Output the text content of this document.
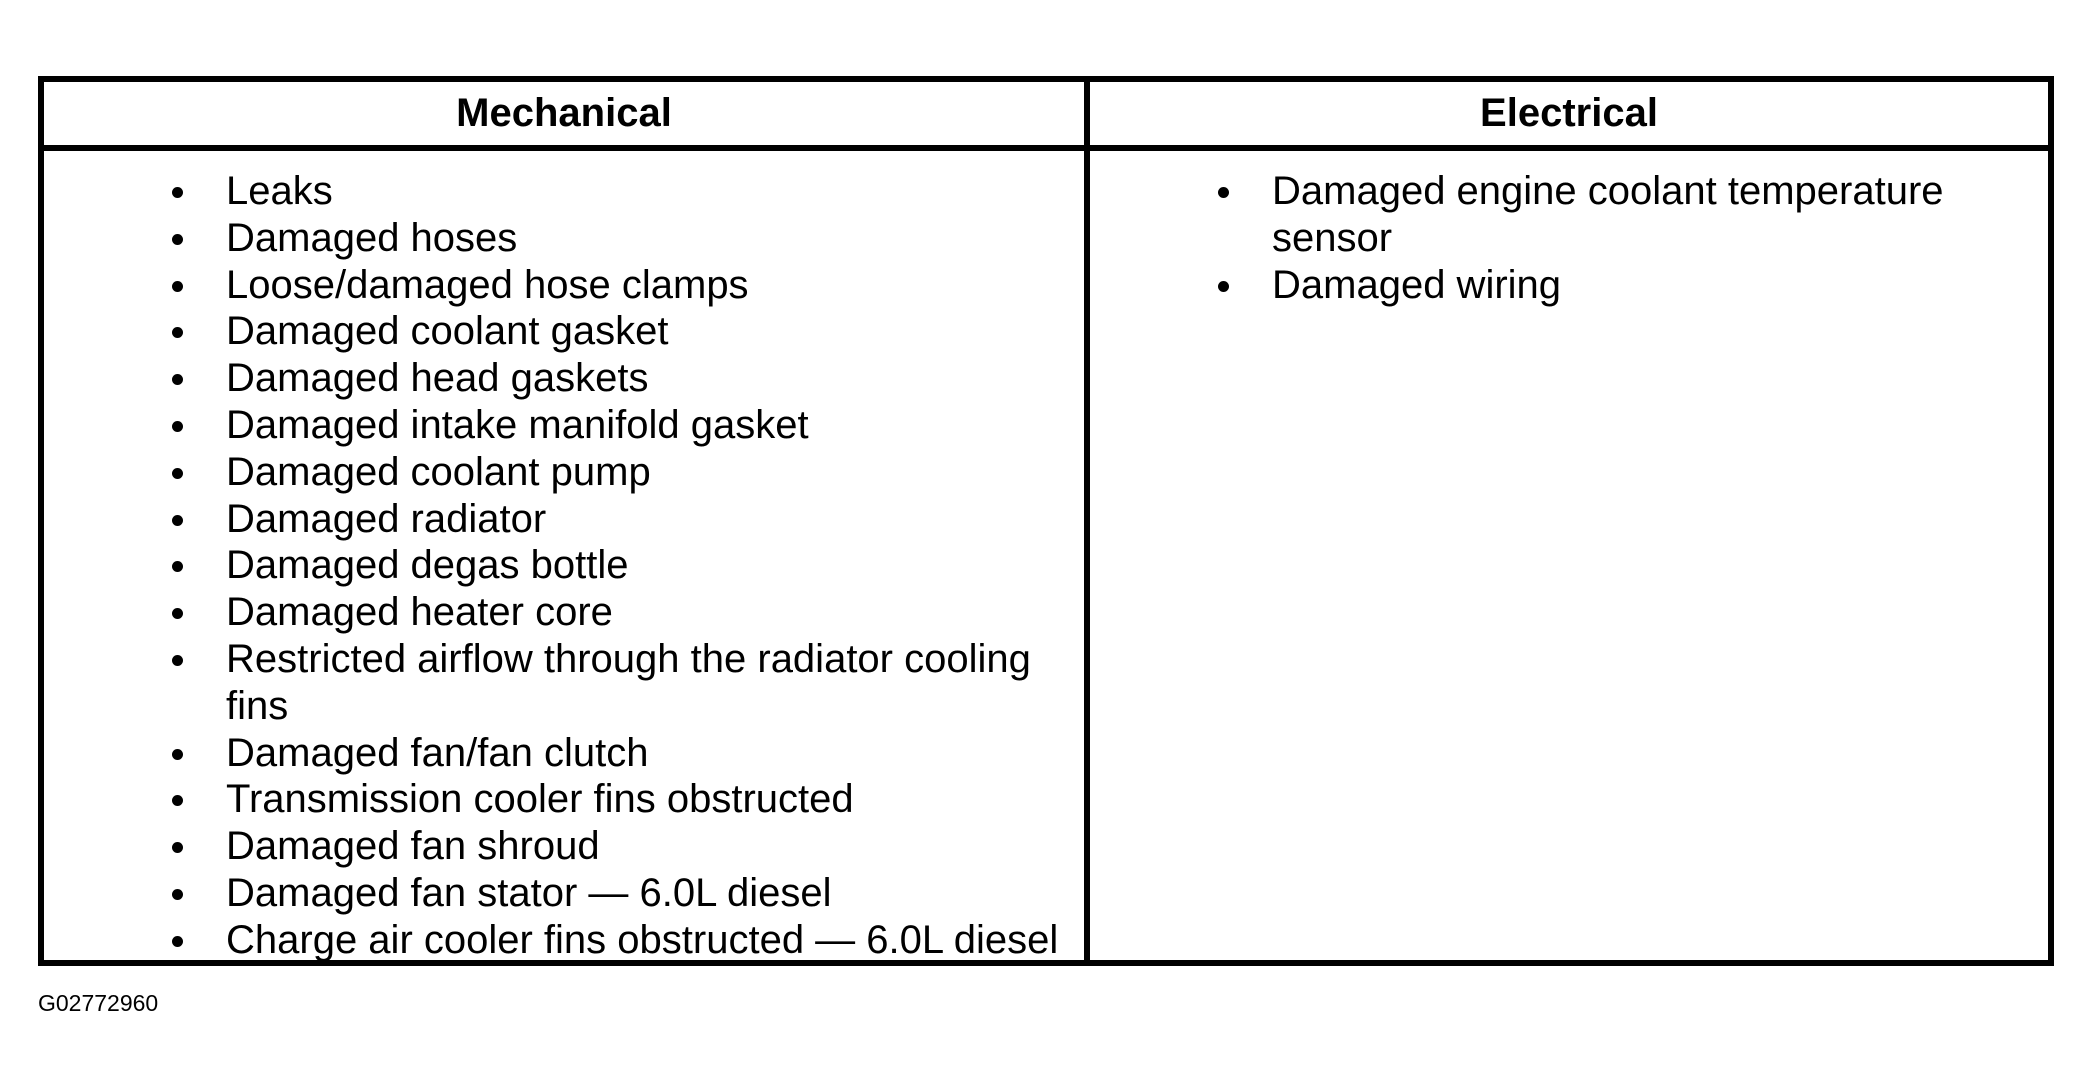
Mechanical	Electrical
Leaks
Damaged hoses
Loose/damaged hose clamps
Damaged coolant gasket
Damaged head gaskets
Damaged intake manifold gasket
Damaged coolant pump
Damaged radiator
Damaged degas bottle
Damaged heater core
Restricted airflow through the radiator cooling fins
Damaged fan/fan clutch
Transmission cooler fins obstructed
Damaged fan shroud
Damaged fan stator — 6.0L diesel
Charge air cooler fins obstructed — 6.0L diesel
Damaged engine coolant temperature sensor
Damaged wiring
G02772960
